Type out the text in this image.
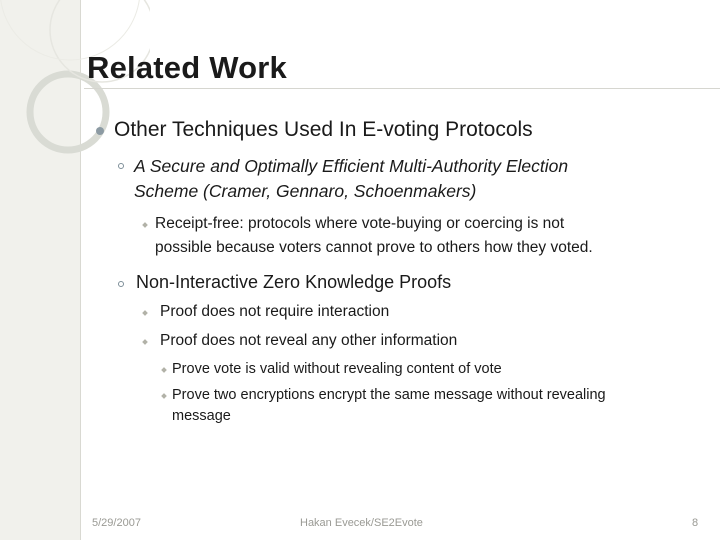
Related Work
Other Techniques Used In E-voting Protocols
A Secure and Optimally Efficient Multi-Authority Election
Scheme (Cramer, Gennaro, Schoenmakers)
Receipt-free: protocols where vote-buying or coercing is not
possible because voters cannot prove to others how they voted.
Non-Interactive Zero Knowledge Proofs
Proof does not require interaction
Proof does not reveal any other information
Prove vote is valid without revealing content of vote
Prove two encryptions encrypt the same message without revealing
message
5/29/2007	Hakan Evecek/SE2Evote	8
